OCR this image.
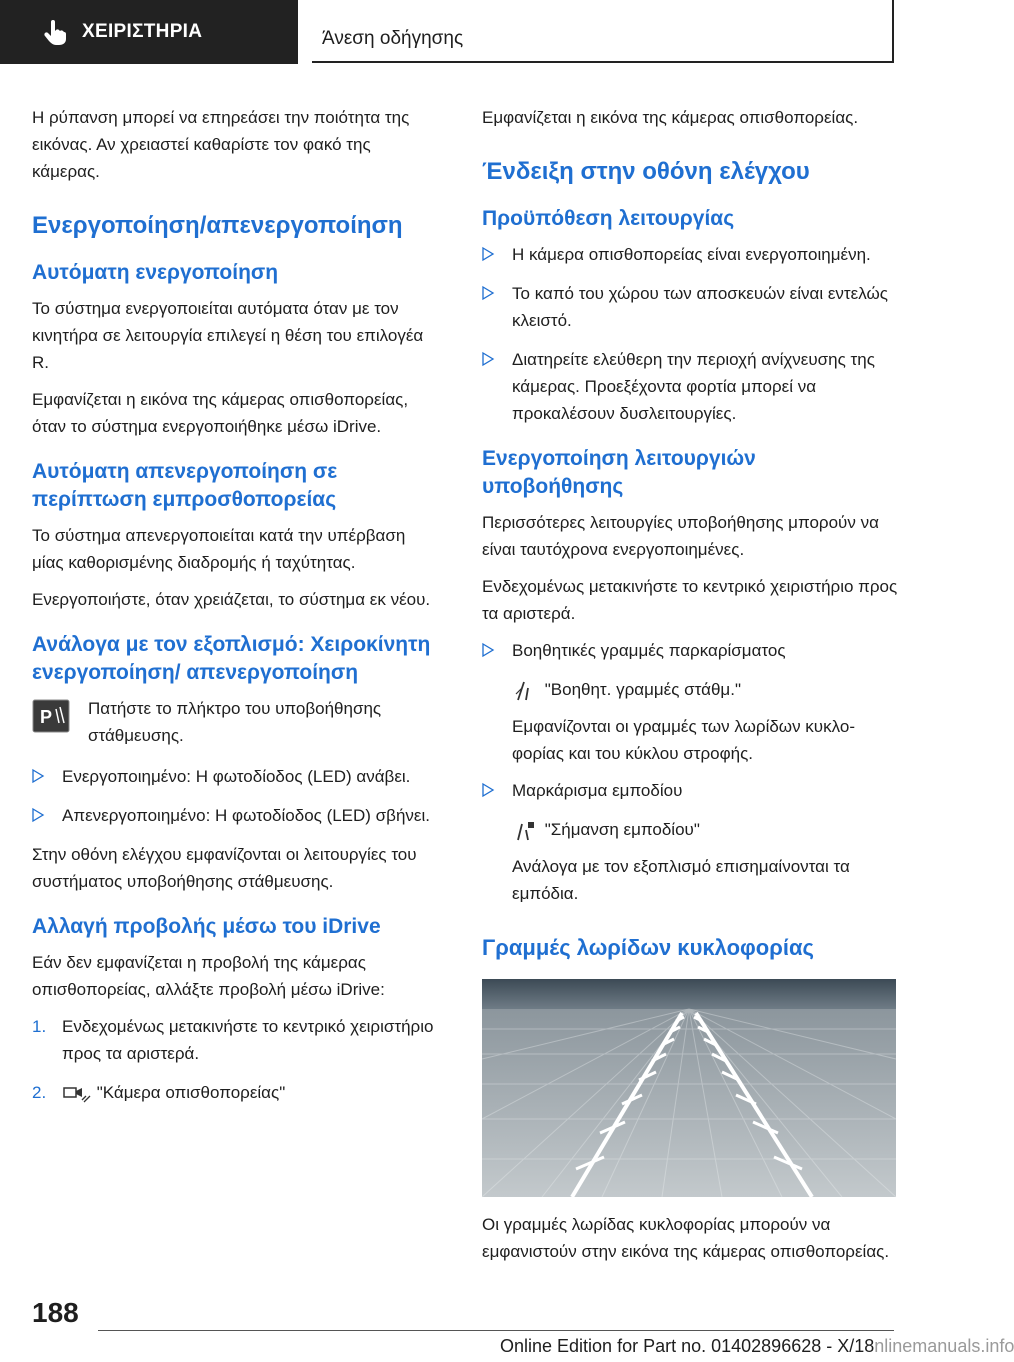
ΧΕΙΡΙΣΤΗΡΙΑ	Άνεση οδήγησης

Η ρύπανση μπορεί να επηρεάσει την ποιότητα της εικόνας. Αν χρειαστεί καθαρίστε τον φακό της κάμερας.

Ενεργοποίηση/απενεργοποίηση
Αυτόματη ενεργοποίηση

Το σύστημα ενεργοποιείται αυτόματα όταν με τον κινητήρα σε λειτουργία επιλεγεί η θέση του επιλογέα R.

Εμφανίζεται η εικόνα της κάμερας οπισθοπορείας, όταν το σύστημα ενεργοποιήθηκε μέσω iDrive.

Αυτόματη απενεργοποίηση σε περίπτωση εμπροσθοπορείας

Το σύστημα απενεργοποιείται κατά την υπέρβαση μίας καθορισμένης διαδρομής ή ταχύτητας.

Ενεργοποιήστε, όταν χρειάζεται, το σύστημα εκ νέου.

Ανάλογα με τον εξοπλισμό: Χειροκίνητη ενεργοποίηση/ απενεργοποίηση
P Πατήστε το πλήκτρο του υποβοήθησης στάθμευσης.
Ενεργοποιημένο: Η φωτοδίοδος (LED) ανάβει.
Απενεργοποιημένο: Η φωτοδίοδος (LED) σβήνει.

Στην οθόνη ελέγχου εμφανίζονται οι λειτουργίες του συστήματος υποβοήθησης στάθμευσης.

Αλλαγή προβολής μέσω του iDrive

Εάν δεν εμφανίζεται η προβολή της κάμερας οπισθοπορείας, αλλάξτε προβολή μέσω iDrive:

1. Ενδεχομένως μετακινήστε το κεντρικό χειριστήριο προς τα αριστερά.
2.	"Κάμερα οπισθοπορείας"

Εμφανίζεται η εικόνα της κάμερας οπισθοπορείας.

Ένδειξη στην οθόνη ελέγχου
Προϋπόθεση λειτουργίας
Η κάμερα οπισθοπορείας είναι ενεργοποιημένη.
Το καπό του χώρου των αποσκευών είναι εντελώς κλειστό.
Διατηρείτε ελεύθερη την περιοχή ανίχνευσης της κάμερας. Προεξέχοντα φορτία μπορεί να προκαλέσουν δυσλειτουργίες.
Ενεργοποίηση λειτουργιών υποβοήθησης

Περισσότερες λειτουργίες υποβοήθησης μπορούν να είναι ταυτόχρονα ενεργοποιημένες.

Ενδεχομένως μετακινήστε το κεντρικό χειριστήριο προς τα αριστερά.

Βοηθητικές γραμμές παρκαρίσματος
"Βοηθητ. γραμμές στάθμ."

Εμφανίζονται οι γραμμές των λωρίδων κυκλοφορίας και του κύκλου στροφής.

Μαρκάρισμα εμποδίου
"Σήμανση εμποδίου"

Ανάλογα με τον εξοπλισμό επισημαίνονται τα εμπόδια.

Γραμμές λωρίδων κυκλοφορίας

Οι γραμμές λωρίδας κυκλοφορίας μπορούν να εμφανιστούν στην εικόνα της κάμερας οπισθοπορείας.

188
Online Edition for Part no. 01402896628 - X/18nlinemanuals.info
